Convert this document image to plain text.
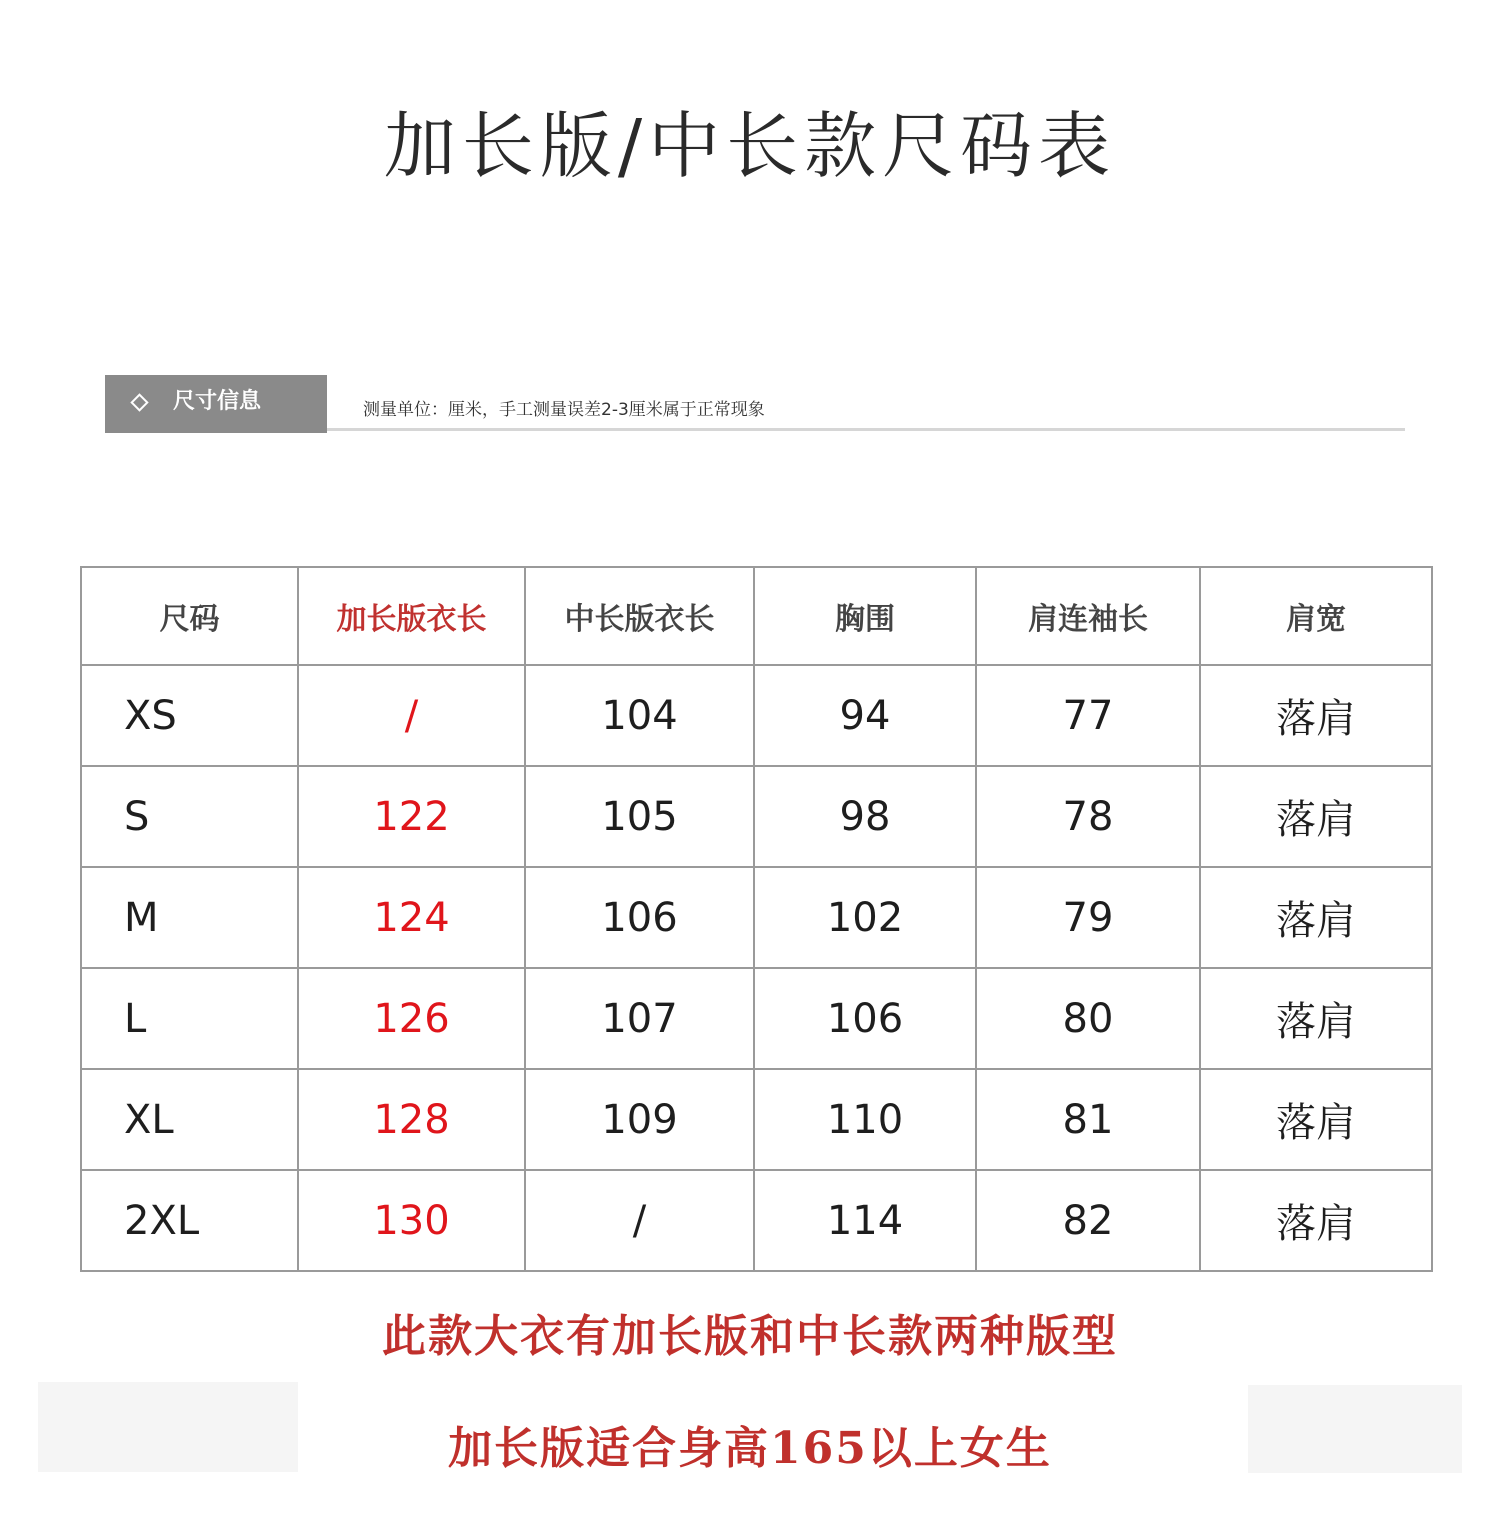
加长版/中长款尺码表
尺寸信息	测量单位：厘米，手工测量误差2-3厘米属于正常现象
尺码	加长版衣长	中长版衣长	胸围	肩连袖长	肩宽
XS	/	104	94	77	落肩
S	122	105	98	78	落肩
M	124	106	102	79	落肩
L	126	107	106	80	落肩
XL	128	109	110	81	落肩
2XL	130	/	114	82	落肩
此款大衣有加长版和中长款两种版型
加长版适合身高165以上女生
